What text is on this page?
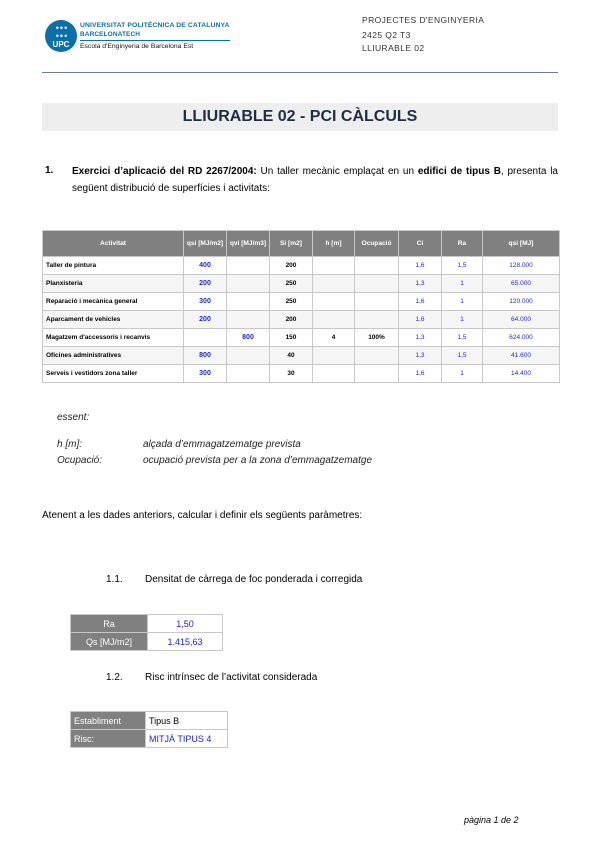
•••
•••
UPC
UNIVERSITAT POLITÈCNICA DE CATALUNYA
BARCELONATECH
Escola d'Enginyeria de Barcelona Est
PROJECTES D'ENGINYERIA
2425 Q2 T3
LLIURABLE 02
LLIURABLE 02 - PCI CÀLCULS
1. Exercici d’aplicació del RD 2267/2004: Un taller mecànic emplaçat en un edifici de tipus B, presenta la següent distribució de superfícies i activitats:
Activitat	qsi [MJ/m2]	qvi [MJ/m3]	Si [m2]	h [m]	Ocupació	Ci	Ra	qsi [MJ]
Taller de pintura	400		200			1,6	1,5	128.000
Planxisteria	200		250			1,3	1	65.000
Reparació i mecànica general	300		250			1,6	1	120.000
Aparcament de vehicles	200		200			1,6	1	64.000
Magatzem d'accessoris i recanvis		800	150	4	100%	1,3	1,5	624.000
Oficines administratives	800		40			1,3	1,5	41.600
Serveis i vestidors zona taller	300		30			1,6	1	14.400
essent:
h [m]:	alçada d’emmagatzematge prevista
Ocupació:	ocupació prevista per a la zona d’emmagatzematge
Atenent a les dades anteriors, calcular i definir els següents paràmetres:
1.1. Densitat de càrrega de foc ponderada i corregida
Ra	1,50
Qs [MJ/m2]	1.415,63
1.2. Risc intrínsec de l’activitat considerada
Establiment	Tipus B
Risc:	MITJÀ TIPUS 4
pàgina 1 de 2
